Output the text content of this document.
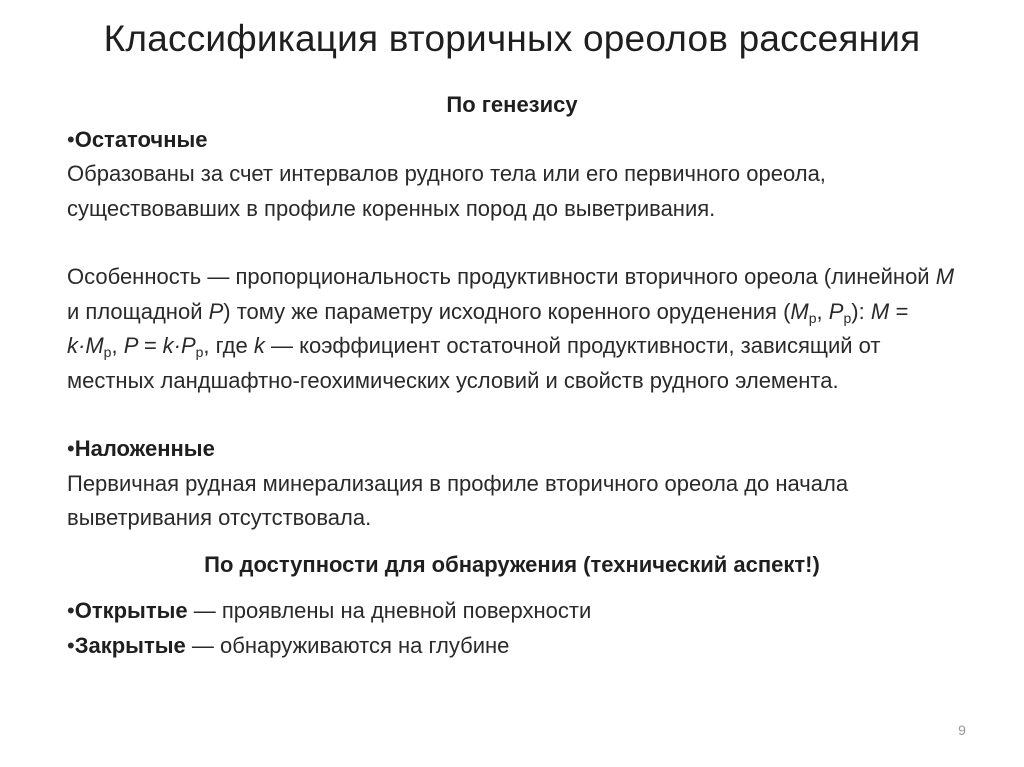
Классификация вторичных ореолов рассеяния

По генезису

•Остаточные

Образованы за счет интервалов рудного тела или его первичного ореола, существовавших в профиле коренных пород до выветривания.

Особенность — пропорциональность продуктивности вторичного ореола (линейной M и площадной P) тому же параметру исходного коренного оруденения ($M_р$, $P_р$): $M = k\cdot M_р$, $P = k\cdot P_р$, где k — коэффициент остаточной продуктивности, зависящий от местных ландшафтно-геохимических условий и свойств рудного элемента.

•Наложенные

Первичная рудная минерализация в профиле вторичного ореола до начала выветривания отсутствовала.

По доступности для обнаружения (технический аспект!)

•Открытые — проявлены на дневной поверхности

•Закрытые — обнаруживаются на глубине

9
